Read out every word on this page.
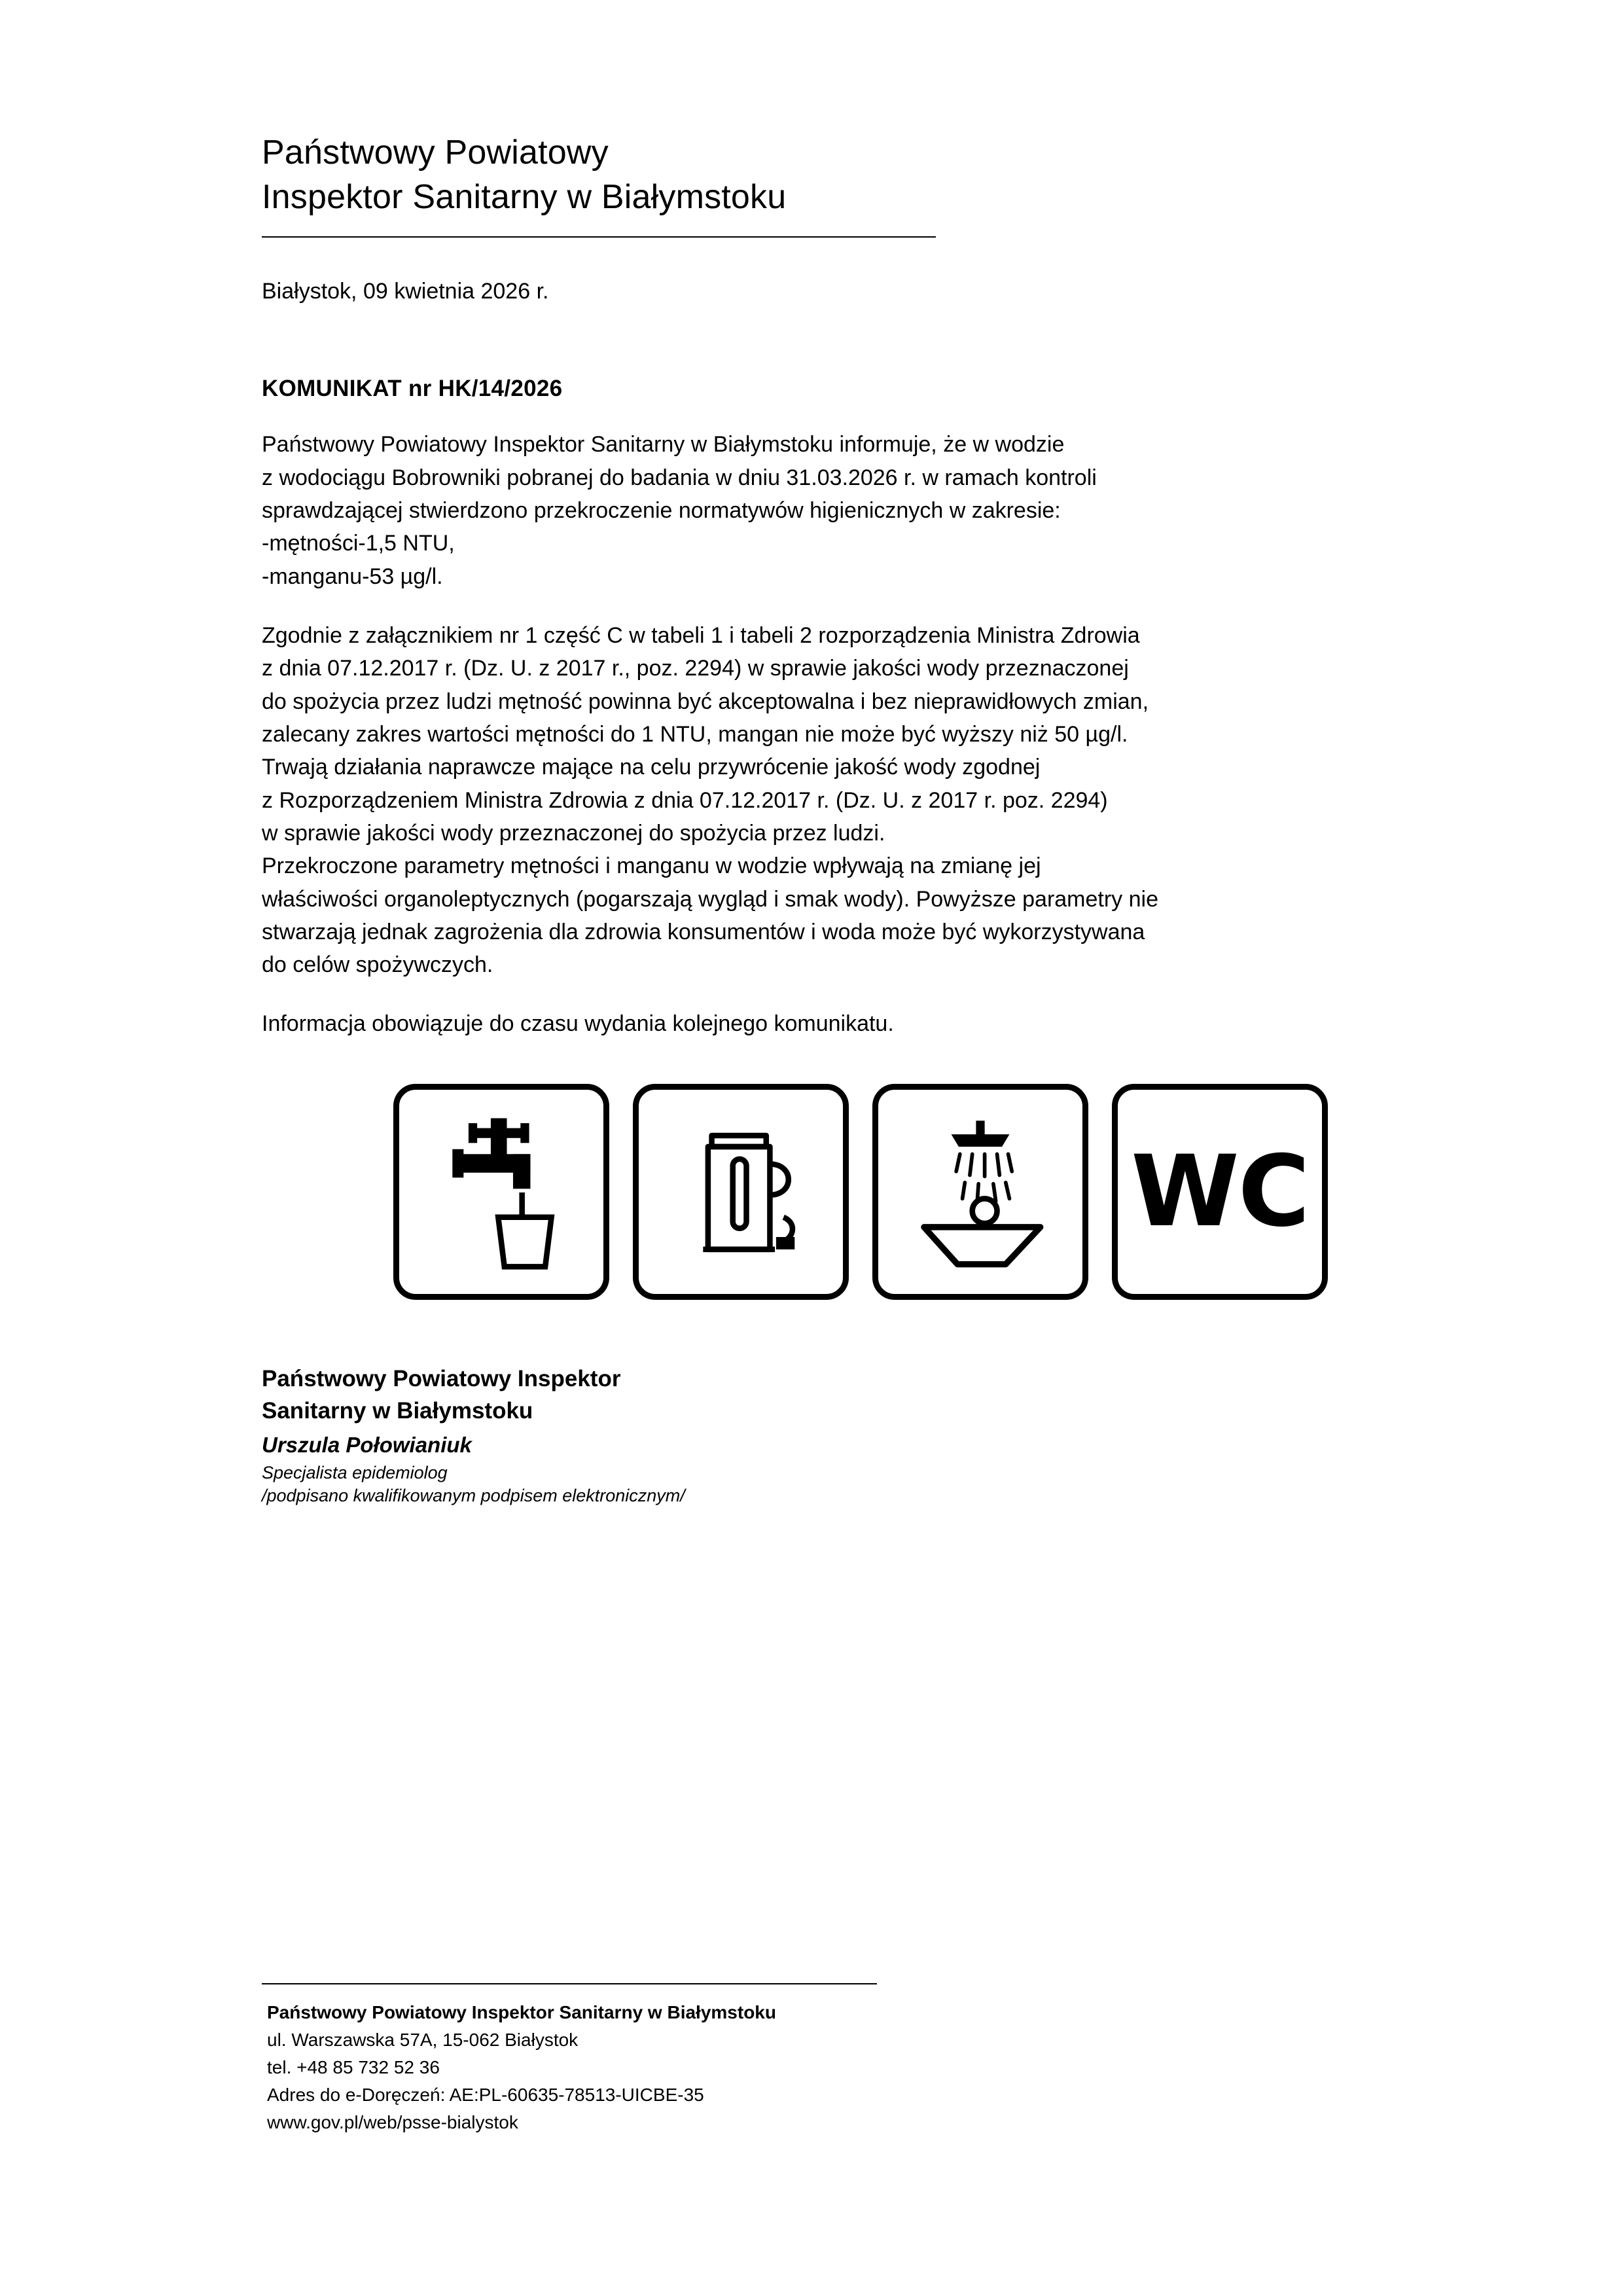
Państwowy Powiatowy
Inspektor Sanitarny w Białymstoku
Białystok, 09 kwietnia 2026 r.
KOMUNIKAT nr HK/14/2026
Państwowy Powiatowy Inspektor Sanitarny w Białymstoku informuje, że w wodzie
z wodociągu Bobrowniki pobranej do badania w dniu 31.03.2026 r. w ramach kontroli
sprawdzającej stwierdzono przekroczenie normatywów higienicznych w zakresie:
-mętności-1,5 NTU,
-manganu-53 µg/l.
Zgodnie z załącznikiem nr 1 część C w tabeli 1 i tabeli 2 rozporządzenia Ministra Zdrowia
z dnia 07.12.2017 r. (Dz. U. z 2017 r., poz. 2294) w sprawie jakości wody przeznaczonej
do spożycia przez ludzi mętność powinna być akceptowalna i bez nieprawidłowych zmian,
zalecany zakres wartości mętności do 1 NTU, mangan nie może być wyższy niż 50 µg/l.
Trwają działania naprawcze mające na celu przywrócenie jakość wody zgodnej
z Rozporządzeniem Ministra Zdrowia z dnia 07.12.2017 r. (Dz. U. z 2017 r. poz. 2294)
w sprawie jakości wody przeznaczonej do spożycia przez ludzi.
Przekroczone parametry mętności i manganu w wodzie wpływają na zmianę jej
właściwości organoleptycznych (pogarszają wygląd i smak wody). Powyższe parametry nie
stwarzają jednak zagrożenia dla zdrowia konsumentów i woda może być wykorzystywana
do celów spożywczych.
Informacja obowiązuje do czasu wydania kolejnego komunikatu.
WC
Państwowy Powiatowy Inspektor
Sanitarny w Białymstoku
Urszula Połowianiuk
Specjalista epidemiolog
/podpisano kwalifikowanym podpisem elektronicznym/
Państwowy Powiatowy Inspektor Sanitarny w Białymstoku
ul. Warszawska 57A, 15-062 Białystok
tel. +48 85 732 52 36
Adres do e-Doręczeń: AE:PL-60635-78513-UICBE-35
www.gov.pl/web/psse-bialystok
